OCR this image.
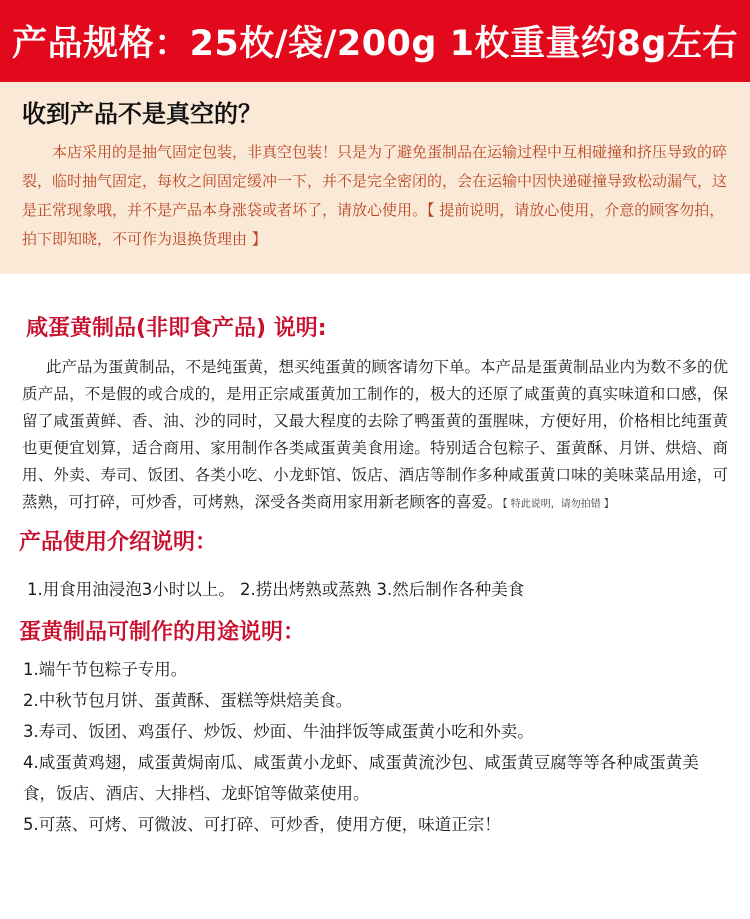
产品规格：25枚/袋/200g 1枚重量约8g左右
收到产品不是真空的？
本店采用的是抽气固定包装，非真空包装！只是为了避免蛋制品在运输过程中互相碰撞和挤压导致的碎裂，临时抽气固定，每枚之间固定缓冲一下，并不是完全密闭的，会在运输中因快递碰撞导致松动漏气，这是正常现象哦，并不是产品本身涨袋或者坏了，请放心使用。【 提前说明，请放心使用，介意的顾客勿拍，拍下即知晓，不可作为退换货理由 】
咸蛋黄制品(非即食产品) 说明:
此产品为蛋黄制品，不是纯蛋黄，想买纯蛋黄的顾客请勿下单。本产品是蛋黄制品业内为数不多的优质产品，不是假的或合成的，是用正宗咸蛋黄加工制作的，极大的还原了咸蛋黄的真实味道和口感，保留了咸蛋黄鲜、香、油、沙的同时，又最大程度的去除了鸭蛋黄的蛋腥味，方便好用，价格相比纯蛋黄也更便宜划算，适合商用、家用制作各类咸蛋黄美食用途。特别适合包粽子、蛋黄酥、月饼、烘焙、商用、外卖、寿司、饭团、各类小吃、小龙虾馆、饭店、酒店等制作多种咸蛋黄口味的美味菜品用途，可蒸熟，可打碎，可炒香，可烤熟，深受各类商用家用新老顾客的喜爱。【 特此说明，请勿拍错 】
产品使用介绍说明：
1.用食用油浸泡3小时以上。 2.捞出烤熟或蒸熟 3.然后制作各种美食
蛋黄制品可制作的用途说明：
1.端午节包粽子专用。
2.中秋节包月饼、蛋黄酥、蛋糕等烘焙美食。
3.寿司、饭团、鸡蛋仔、炒饭、炒面、牛油拌饭等咸蛋黄小吃和外卖。
4.咸蛋黄鸡翅，咸蛋黄焗南瓜、咸蛋黄小龙虾、咸蛋黄流沙包、咸蛋黄豆腐等等各种咸蛋黄美食，饭店、酒店、大排档、龙虾馆等做菜使用。
5.可蒸、可烤、可微波、可打碎、可炒香，使用方便，味道正宗！
